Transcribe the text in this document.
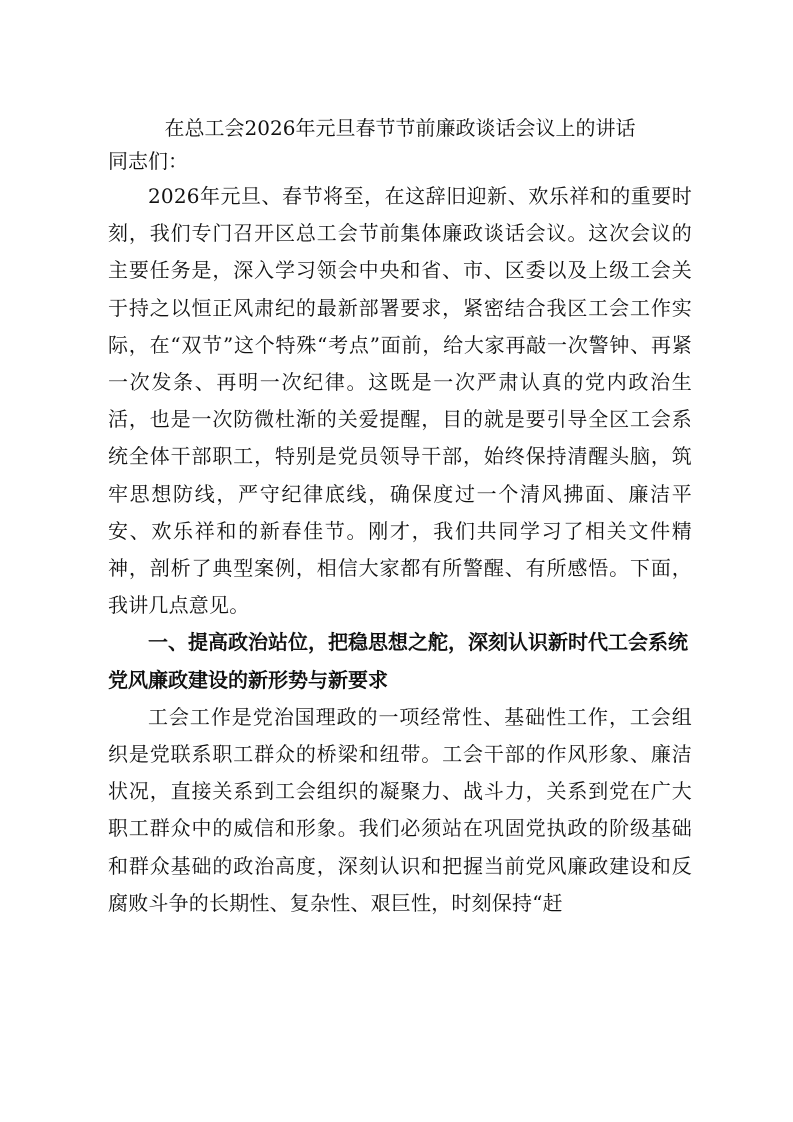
在总工会2026年元旦春节节前廉政谈话会议上的讲话

同志们：

2026年元旦、春节将至，在这辞旧迎新、欢乐祥和的重要时刻，我们专门召开区总工会节前集体廉政谈话会议。这次会议的主要任务是，深入学习领会中央和省、市、区委以及上级工会关于持之以恒正风肃纪的最新部署要求，紧密结合我区工会工作实际，在“双节”这个特殊“考点”面前，给大家再敲一次警钟、再紧一次发条、再明一次纪律。这既是一次严肃认真的党内政治生活，也是一次防微杜渐的关爱提醒，目的就是要引导全区工会系统全体干部职工，特别是党员领导干部，始终保持清醒头脑，筑牢思想防线，严守纪律底线，确保度过一个清风拂面、廉洁平安、欢乐祥和的新春佳节。刚才，我们共同学习了相关文件精神，剖析了典型案例，相信大家都有所警醒、有所感悟。下面，我讲几点意见。

一、提高政治站位，把稳思想之舵，深刻认识新时代工会系统党风廉政建设的新形势与新要求

工会工作是党治国理政的一项经常性、基础性工作，工会组织是党联系职工群众的桥梁和纽带。工会干部的作风形象、廉洁状况，直接关系到工会组织的凝聚力、战斗力，关系到党在广大职工群众中的威信和形象。我们必须站在巩固党执政的阶级基础和群众基础的政治高度，深刻认识和把握当前党风廉政建设和反腐败斗争的长期性、复杂性、艰巨性，时刻保持“赶
